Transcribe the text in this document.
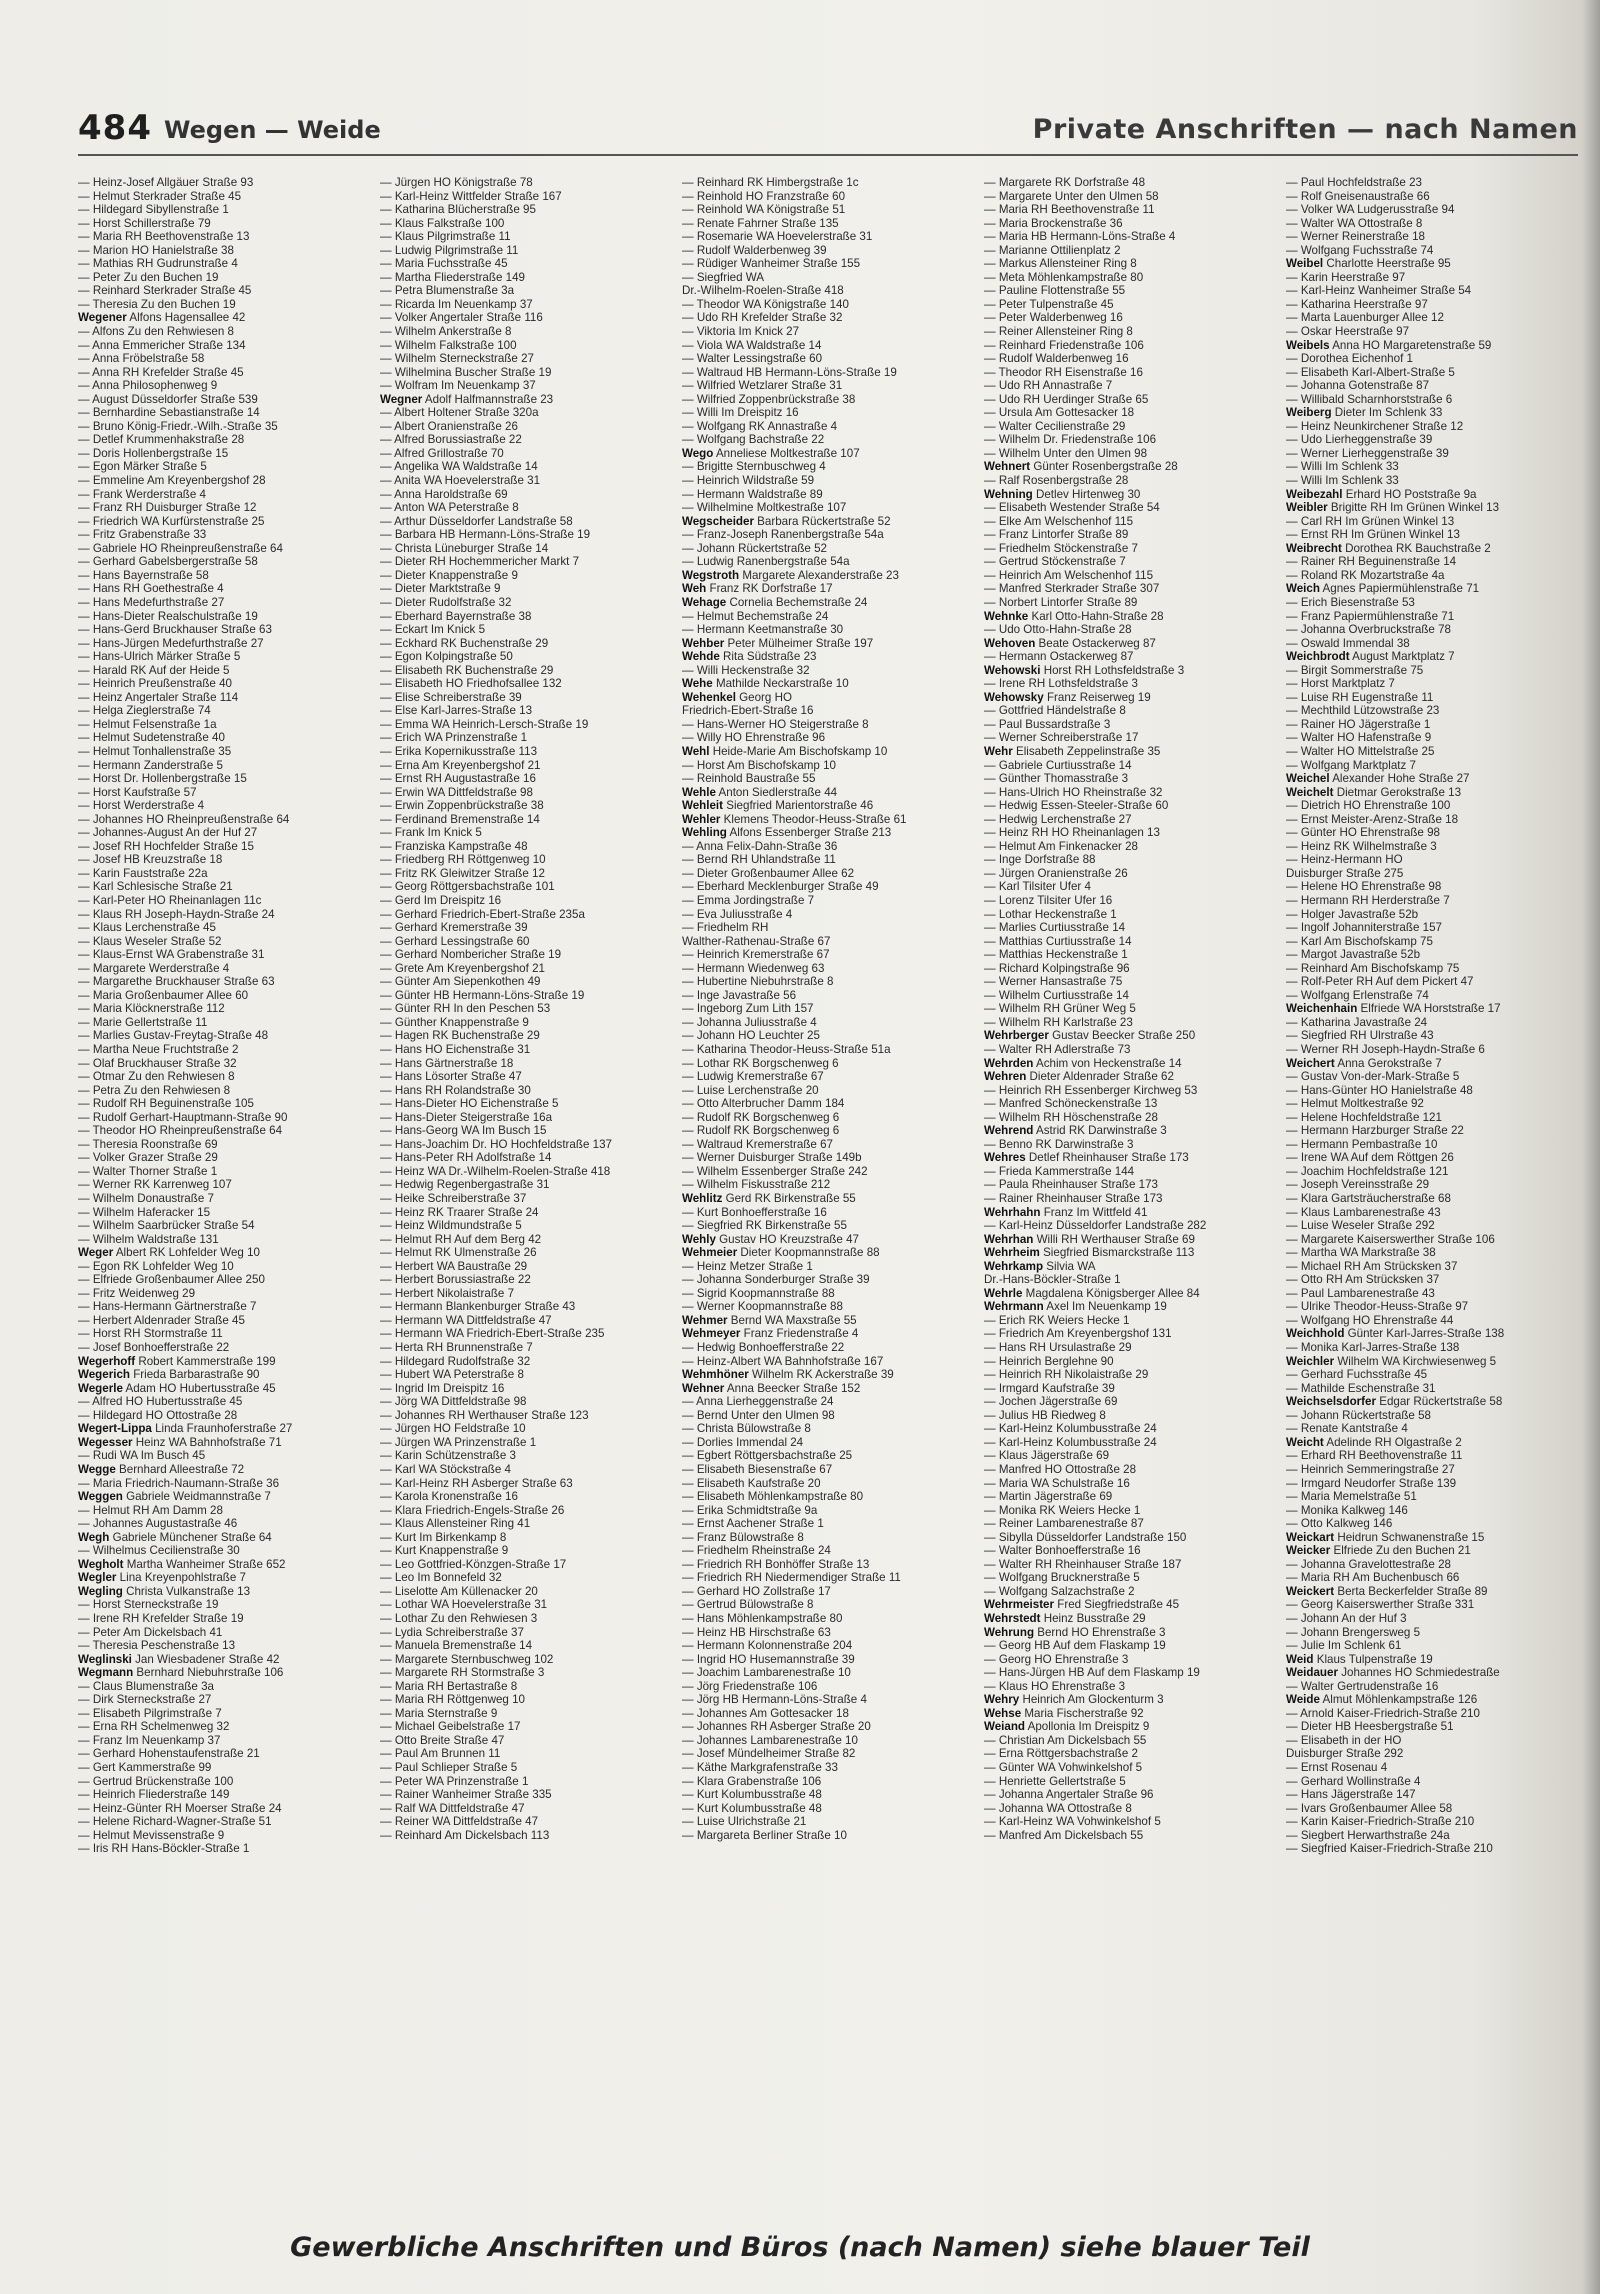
484 Wegen — Weide	Private Anschriften — nach Namen
— Heinz-Josef Allgäuer Straße 93
— Helmut Sterkrader Straße 45
— Hildegard Sibyllenstraße 1
— Horst Schillerstraße 79
— Maria RH Beethovenstraße 13
— Marion HO Hanielstraße 38
— Mathias RH Gudrunstraße 4
— Peter Zu den Buchen 19
— Reinhard Sterkrader Straße 45
— Theresia Zu den Buchen 19
Wegener Alfons Hagensallee 42
— Alfons Zu den Rehwiesen 8
— Anna Emmericher Straße 134
— Anna Fröbelstraße 58
— Anna RH Krefelder Straße 45
— Anna Philosophenweg 9
— August Düsseldorfer Straße 539
— Bernhardine Sebastianstraße 14
— Bruno König-Friedr.-Wilh.-Straße 35
— Detlef Krummenhakstraße 28
— Doris Hollenbergstraße 15
— Egon Märker Straße 5
— Emmeline Am Kreyenbergshof 28
— Frank Werderstraße 4
— Franz RH Duisburger Straße 12
— Friedrich WA Kurfürstenstraße 25
— Fritz Grabenstraße 33
— Gabriele HO Rheinpreußenstraße 64
— Gerhard Gabelsbergerstraße 58
— Hans Bayernstraße 58
— Hans RH Goethestraße 4
— Hans Medefurthstraße 27
— Hans-Dieter Realschulstraße 19
— Hans-Gerd Bruckhauser Straße 63
— Hans-Jürgen Medefurthstraße 27
— Hans-Ulrich Märker Straße 5
— Harald RK Auf der Heide 5
— Heinrich Preußenstraße 40
— Heinz Angertaler Straße 114
— Helga Zieglerstraße 74
— Helmut Felsenstraße 1a
— Helmut Sudetenstraße 40
— Helmut Tonhallenstraße 35
— Hermann Zanderstraße 5
— Horst Dr. Hollenbergstraße 15
— Horst Kaufstraße 57
— Horst Werderstraße 4
— Johannes HO Rheinpreußenstraße 64
— Johannes-August An der Huf 27
— Josef RH Hochfelder Straße 15
— Josef HB Kreuzstraße 18
— Karin Fauststraße 22a
— Karl Schlesische Straße 21
— Karl-Peter HO Rheinanlagen 11c
— Klaus RH Joseph-Haydn-Straße 24
— Klaus Lerchenstraße 45
— Klaus Weseler Straße 52
— Klaus-Ernst WA Grabenstraße 31
— Margarete Werderstraße 4
— Margarethe Bruckhauser Straße 63
— Maria Großenbaumer Allee 60
— Maria Klöcknerstraße 112
— Marie Gellertstraße 11
— Marlies Gustav-Freytag-Straße 48
— Martha Neue Fruchtstraße 2
— Olaf Bruckhauser Straße 32
— Otmar Zu den Rehwiesen 8
— Petra Zu den Rehwiesen 8
— Rudolf RH Beguinenstraße 105
— Rudolf Gerhart-Hauptmann-Straße 90
— Theodor HO Rheinpreußenstraße 64
— Theresia Roonstraße 69
— Volker Grazer Straße 29
— Walter Thorner Straße 1
— Werner RK Karrenweg 107
— Wilhelm Donaustraße 7
— Wilhelm Haferacker 15
— Wilhelm Saarbrücker Straße 54
— Wilhelm Waldstraße 131
Weger Albert RK Lohfelder Weg 10
— Egon RK Lohfelder Weg 10
— Elfriede Großenbaumer Allee 250
— Fritz Weidenweg 29
— Hans-Hermann Gärtnerstraße 7
— Herbert Aldenrader Straße 45
— Horst RH Stormstraße 11
— Josef Bonhoefferstraße 22
Wegerhoff Robert Kammerstraße 199
Wegerich Frieda Barbarastraße 90
Wegerle Adam HO Hubertusstraße 45
— Alfred HO Hubertusstraße 45
— Hildegard HO Ottostraße 28
Wegert-Lippa Linda Fraunhoferstraße 27
Wegesser Heinz WA Bahnhofstraße 71
— Rudi WA Im Busch 45
Wegge Bernhard Alleestraße 72
— Maria Friedrich-Naumann-Straße 36
Weggen Gabriele Weidmannstraße 7
— Helmut RH Am Damm 28
— Johannes Augustastraße 46
Wegh Gabriele Münchener Straße 64
— Wilhelmus Cecilienstraße 30
Wegholt Martha Wanheimer Straße 652
Wegler Lina Kreyenpohlstraße 7
Wegling Christa Vulkanstraße 13
— Horst Sterneckstraße 19
— Irene RH Krefelder Straße 19
— Peter Am Dickelsbach 41
— Theresia Peschenstraße 13
Weglinski Jan Wiesbadener Straße 42
Wegmann Bernhard Niebuhrstraße 106
— Claus Blumenstraße 3a
— Dirk Sterneckstraße 27
— Elisabeth Pilgrimstraße 7
— Erna RH Schelmenweg 32
— Franz Im Neuenkamp 37
— Gerhard Hohenstaufenstraße 21
— Gert Kammerstraße 99
— Gertrud Brückenstraße 100
— Heinrich Fliederstraße 149
— Heinz-Günter RH Moerser Straße 24
— Helene Richard-Wagner-Straße 51
— Helmut Mevissenstraße 9
— Iris RH Hans-Böckler-Straße 1
— Jürgen HO Königstraße 78
— Karl-Heinz Wittfelder Straße 167
— Katharina Blücherstraße 95
— Klaus Falkstraße 100
— Klaus Pilgrimstraße 11
— Ludwig Pilgrimstraße 11
— Maria Fuchsstraße 45
— Martha Fliederstraße 149
— Petra Blumenstraße 3a
— Ricarda Im Neuenkamp 37
— Volker Angertaler Straße 116
— Wilhelm Ankerstraße 8
— Wilhelm Falkstraße 100
— Wilhelm Sterneckstraße 27
— Wilhelmina Buscher Straße 19
— Wolfram Im Neuenkamp 37
Wegner Adolf Halfmannstraße 23
— Albert Holtener Straße 320a
— Albert Oranienstraße 26
— Alfred Borussiastraße 22
— Alfred Grillostraße 70
— Angelika WA Waldstraße 14
— Anita WA Hoevelerstraße 31
— Anna Haroldstraße 69
— Anton WA Peterstraße 8
— Arthur Düsseldorfer Landstraße 58
— Barbara HB Hermann-Löns-Straße 19
— Christa Lüneburger Straße 14
— Dieter RH Hochemmericher Markt 7
— Dieter Knappenstraße 9
— Dieter Marktstraße 9
— Dieter Rudolfstraße 32
— Eberhard Bayernstraße 38
— Eckart Im Knick 5
— Eckhard RK Buchenstraße 29
— Egon Kolpingstraße 50
— Elisabeth RK Buchenstraße 29
— Elisabeth HO Friedhofsallee 132
— Elise Schreiberstraße 39
— Else Karl-Jarres-Straße 13
— Emma WA Heinrich-Lersch-Straße 19
— Erich WA Prinzenstraße 1
— Erika Kopernikusstraße 113
— Erna Am Kreyenbergshof 21
— Ernst RH Augustastraße 16
— Erwin WA Dittfeldstraße 98
— Erwin Zoppenbrückstraße 38
— Ferdinand Bremenstraße 14
— Frank Im Knick 5
— Franziska Kampstraße 48
— Friedberg RH Röttgenweg 10
— Fritz RK Gleiwitzer Straße 12
— Georg Röttgersbachstraße 101
— Gerd Im Dreispitz 16
— Gerhard Friedrich-Ebert-Straße 235a
— Gerhard Kremerstraße 39
— Gerhard Lessingstraße 60
— Gerhard Nombericher Straße 19
— Grete Am Kreyenbergshof 21
— Günter Am Siepenkothen 49
— Günter HB Hermann-Löns-Straße 19
— Günter RH In den Peschen 53
— Günther Knappenstraße 9
— Hagen RK Buchenstraße 29
— Hans HO Eichenstraße 31
— Hans Gärtnerstraße 18
— Hans Lösorter Straße 47
— Hans RH Rolandstraße 30
— Hans-Dieter HO Eichenstraße 5
— Hans-Dieter Steigerstraße 16a
— Hans-Georg WA Im Busch 15
— Hans-Joachim Dr. HO Hochfeldstraße 137
— Hans-Peter RH Adolfstraße 14
— Heinz WA Dr.-Wilhelm-Roelen-Straße 418
— Hedwig Regenbergastraße 31
— Heike Schreiberstraße 37
— Heinz RK Traarer Straße 24
— Heinz Wildmundstraße 5
— Helmut RH Auf dem Berg 42
— Helmut RK Ulmenstraße 26
— Herbert WA Baustraße 29
— Herbert Borussiastraße 22
— Herbert Nikolaistraße 7
— Hermann Blankenburger Straße 43
— Hermann WA Dittfeldstraße 47
— Hermann WA Friedrich-Ebert-Straße 235
— Herta RH Brunnenstraße 7
— Hildegard Rudolfstraße 32
— Hubert WA Peterstraße 8
— Ingrid Im Dreispitz 16
— Jörg WA Dittfeldstraße 98
— Johannes RH Werthauser Straße 123
— Jürgen HO Feldstraße 10
— Jürgen WA Prinzenstraße 1
— Karin Schützenstraße 3
— Karl WA Stöckstraße 4
— Karl-Heinz RH Asberger Straße 63
— Karola Kronenstraße 16
— Klara Friedrich-Engels-Straße 26
— Klaus Allensteiner Ring 41
— Kurt Im Birkenkamp 8
— Kurt Knappenstraße 9
— Leo Gottfried-Könzgen-Straße 17
— Leo Im Bonnefeld 32
— Liselotte Am Küllenacker 20
— Lothar WA Hoevelerstraße 31
— Lothar Zu den Rehwiesen 3
— Lydia Schreiberstraße 37
— Manuela Bremenstraße 14
— Margarete Sternbuschweg 102
— Margarete RH Stormstraße 3
— Maria RH Bertastraße 8
— Maria RH Röttgenweg 10
— Maria Sternstraße 9
— Michael Geibelstraße 17
— Otto Breite Straße 47
— Paul Am Brunnen 11
— Paul Schlieper Straße 5
— Peter WA Prinzenstraße 1
— Rainer Wanheimer Straße 335
— Ralf WA Dittfeldstraße 47
— Reiner WA Dittfeldstraße 47
— Reinhard Am Dickelsbach 113
— Reinhard RK Himbergstraße 1c
— Reinhold HO Franzstraße 60
— Reinhold WA Königstraße 51
— Renate Fahrner Straße 135
— Rosemarie WA Hoevelerstraße 31
— Rudolf Walderbenweg 39
— Rüdiger Wanheimer Straße 155
— Siegfried WA
Dr.-Wilhelm-Roelen-Straße 418
— Theodor WA Königstraße 140
— Udo RH Krefelder Straße 32
— Viktoria Im Knick 27
— Viola WA Waldstraße 14
— Walter Lessingstraße 60
— Waltraud HB Hermann-Löns-Straße 19
— Wilfried Wetzlarer Straße 31
— Wilfried Zoppenbrückstraße 38
— Willi Im Dreispitz 16
— Wolfgang RK Annastraße 4
— Wolfgang Bachstraße 22
Wego Anneliese Moltkestraße 107
— Brigitte Sternbuschweg 4
— Heinrich Wildstraße 59
— Hermann Waldstraße 89
— Wilhelmine Moltkestraße 107
Wegscheider Barbara Rückertstraße 52
— Franz-Joseph Ranenbergstraße 54a
— Johann Rückertstraße 52
— Ludwig Ranenbergstraße 54a
Wegstroth Margarete Alexanderstraße 23
Weh Franz RK Dorfstraße 17
Wehage Cornelia Bechemstraße 24
— Helmut Bechemstraße 24
— Hermann Keetmanstraße 30
Wehber Peter Mülheimer Straße 197
Wehde Rita Südstraße 23
— Willi Heckenstraße 32
Wehe Mathilde Neckarstraße 10
Wehenkel Georg HO
Friedrich-Ebert-Straße 16
— Hans-Werner HO Steigerstraße 8
— Willy HO Ehrenstraße 96
Wehl Heide-Marie Am Bischofskamp 10
— Horst Am Bischofskamp 10
— Reinhold Baustraße 55
Wehle Anton Siedlerstraße 44
Wehleit Siegfried Marientorstraße 46
Wehler Klemens Theodor-Heuss-Straße 61
Wehling Alfons Essenberger Straße 213
— Anna Felix-Dahn-Straße 36
— Bernd RH Uhlandstraße 11
— Dieter Großenbaumer Allee 62
— Eberhard Mecklenburger Straße 49
— Emma Jordingstraße 7
— Eva Juliusstraße 4
— Friedhelm RH
Walther-Rathenau-Straße 67
— Heinrich Kremerstraße 67
— Hermann Wiedenweg 63
— Hubertine Niebuhrstraße 8
— Inge Javastraße 56
— Ingeborg Zum Lith 157
— Johanna Juliusstraße 4
— Johann HO Leuchter 25
— Katharina Theodor-Heuss-Straße 51a
— Lothar RK Borgschenweg 6
— Ludwig Kremerstraße 67
— Luise Lerchenstraße 20
— Otto Alterbrucher Damm 184
— Rudolf RK Borgschenweg 6
— Rudolf RK Borgschenweg 6
— Waltraud Kremerstraße 67
— Werner Duisburger Straße 149b
— Wilhelm Essenberger Straße 242
— Wilhelm Fiskusstraße 212
Wehlitz Gerd RK Birkenstraße 55
— Kurt Bonhoefferstraße 16
— Siegfried RK Birkenstraße 55
Wehly Gustav HO Kreuzstraße 47
Wehmeier Dieter Koopmannstraße 88
— Heinz Metzer Straße 1
— Johanna Sonderburger Straße 39
— Sigrid Koopmannstraße 88
— Werner Koopmannstraße 88
Wehmer Bernd WA Maxstraße 55
Wehmeyer Franz Friedenstraße 4
— Hedwig Bonhoefferstraße 22
— Heinz-Albert WA Bahnhofstraße 167
Wehmhöner Wilhelm RK Ackerstraße 39
Wehner Anna Beecker Straße 152
— Anna Lierheggenstraße 24
— Bernd Unter den Ulmen 98
— Christa Bülowstraße 8
— Dorlies Immendal 24
— Egbert Röttgersbachstraße 25
— Elisabeth Biesenstraße 67
— Elisabeth Kaufstraße 20
— Elisabeth Möhlenkampstraße 80
— Erika Schmidtstraße 9a
— Ernst Aachener Straße 1
— Franz Bülowstraße 8
— Friedhelm Rheinstraße 24
— Friedrich RH Bonhöffer Straße 13
— Friedrich RH Niedermendiger Straße 11
— Gerhard HO Zollstraße 17
— Gertrud Bülowstraße 8
— Hans Möhlenkampstraße 80
— Heinz HB Hirschstraße 63
— Hermann Kolonnenstraße 204
— Ingrid HO Husemannstraße 39
— Joachim Lambarenestraße 10
— Jörg Friedenstraße 106
— Jörg HB Hermann-Löns-Straße 4
— Johannes Am Gottesacker 18
— Johannes RH Asberger Straße 20
— Johannes Lambarenestraße 10
— Josef Mündelheimer Straße 82
— Käthe Markgrafenstraße 33
— Klara Grabenstraße 106
— Kurt Kolumbusstraße 48
— Kurt Kolumbusstraße 48
— Luise Ulrichstraße 21
— Margareta Berliner Straße 10
— Margarete RK Dorfstraße 48
— Margarete Unter den Ulmen 58
— Maria RH Beethovenstraße 11
— Maria Brockenstraße 36
— Maria HB Hermann-Löns-Straße 4
— Marianne Ottilienplatz 2
— Markus Allensteiner Ring 8
— Meta Möhlenkampstraße 80
— Pauline Flottenstraße 55
— Peter Tulpenstraße 45
— Peter Walderbenweg 16
— Reiner Allensteiner Ring 8
— Reinhard Friedenstraße 106
— Rudolf Walderbenweg 16
— Theodor RH Eisenstraße 16
— Udo RH Annastraße 7
— Udo RH Uerdinger Straße 65
— Ursula Am Gottesacker 18
— Walter Cecilienstraße 29
— Wilhelm Dr. Friedenstraße 106
— Wilhelm Unter den Ulmen 98
Wehnert Günter Rosenbergstraße 28
— Ralf Rosenbergstraße 28
Wehning Detlev Hirtenweg 30
— Elisabeth Westender Straße 54
— Elke Am Welschenhof 115
— Franz Lintorfer Straße 89
— Friedhelm Stöckenstraße 7
— Gertrud Stöckenstraße 7
— Heinrich Am Welschenhof 115
— Manfred Sterkrader Straße 307
— Norbert Lintorfer Straße 89
Wehnke Karl Otto-Hahn-Straße 28
— Udo Otto-Hahn-Straße 28
Wehoven Beate Ostackerweg 87
— Hermann Ostackerweg 87
Wehowski Horst RH Lothsfeldstraße 3
— Irene RH Lothsfeldstraße 3
Wehowsky Franz Reiserweg 19
— Gottfried Händelstraße 8
— Paul Bussardstraße 3
— Werner Schreiberstraße 17
Wehr Elisabeth Zeppelinstraße 35
— Gabriele Curtiusstraße 14
— Günther Thomasstraße 3
— Hans-Ulrich HO Rheinstraße 32
— Hedwig Essen-Steeler-Straße 60
— Hedwig Lerchenstraße 27
— Heinz RH HO Rheinanlagen 13
— Helmut Am Finkenacker 28
— Inge Dorfstraße 88
— Jürgen Oranienstraße 26
— Karl Tilsiter Ufer 4
— Lorenz Tilsiter Ufer 16
— Lothar Heckenstraße 1
— Marlies Curtiusstraße 14
— Matthias Curtiusstraße 14
— Matthias Heckenstraße 1
— Richard Kolpingstraße 96
— Werner Hansastraße 75
— Wilhelm Curtiusstraße 14
— Wilhelm RH Grüner Weg 5
— Wilhelm RH Karlstraße 23
Wehrberger Gustav Beecker Straße 250
— Walter RH Adlerstraße 73
Wehrden Achim von Heckenstraße 14
Wehren Dieter Aldenrader Straße 62
— Heinrich RH Essenberger Kirchweg 53
— Manfred Schöneckenstraße 13
— Wilhelm RH Höschenstraße 28
Wehrend Astrid RK Darwinstraße 3
— Benno RK Darwinstraße 3
Wehres Detlef Rheinhauser Straße 173
— Frieda Kammerstraße 144
— Paula Rheinhauser Straße 173
— Rainer Rheinhauser Straße 173
Wehrhahn Franz Im Wittfeld 41
— Karl-Heinz Düsseldorfer Landstraße 282
Wehrhan Willi RH Werthauser Straße 69
Wehrheim Siegfried Bismarckstraße 113
Wehrkamp Silvia WA
Dr.-Hans-Böckler-Straße 1
Wehrle Magdalena Königsberger Allee 84
Wehrmann Axel Im Neuenkamp 19
— Erich RK Weiers Hecke 1
— Friedrich Am Kreyenbergshof 131
— Hans RH Ursulastraße 29
— Heinrich Berglehne 90
— Heinrich RH Nikolaistraße 29
— Irmgard Kaufstraße 39
— Jochen Jägerstraße 69
— Julius HB Riedweg 8
— Karl-Heinz Kolumbusstraße 24
— Karl-Heinz Kolumbusstraße 24
— Klaus Jägerstraße 69
— Manfred HO Ottostraße 28
— Maria WA Schulstraße 16
— Martin Jägerstraße 69
— Monika RK Weiers Hecke 1
— Reiner Lambarenestraße 87
— Sibylla Düsseldorfer Landstraße 150
— Walter Bonhoefferstraße 16
— Walter RH Rheinhauser Straße 187
— Wolfgang Brucknerstraße 5
— Wolfgang Salzachstraße 2
Wehrmeister Fred Siegfriedstraße 45
Wehrstedt Heinz Busstraße 29
Wehrung Bernd HO Ehrenstraße 3
— Georg HB Auf dem Flaskamp 19
— Georg HO Ehrenstraße 3
— Hans-Jürgen HB Auf dem Flaskamp 19
— Klaus HO Ehrenstraße 3
Wehry Heinrich Am Glockenturm 3
Wehse Maria Fischerstraße 92
Weiand Apollonia Im Dreispitz 9
— Christian Am Dickelsbach 55
— Erna Röttgersbachstraße 2
— Günter WA Vohwinkelshof 5
— Henriette Gellertstraße 5
— Johanna Angertaler Straße 96
— Johanna WA Ottostraße 8
— Karl-Heinz WA Vohwinkelshof 5
— Manfred Am Dickelsbach 55
— Paul Hochfeldstraße 23
— Rolf Gneisenaustraße 66
— Volker WA Ludgerusstraße 94
— Walter WA Ottostraße 8
— Werner Reinerstraße 18
— Wolfgang Fuchsstraße 74
Weibel Charlotte Heerstraße 95
— Karin Heerstraße 97
— Karl-Heinz Wanheimer Straße 54
— Katharina Heerstraße 97
— Marta Lauenburger Allee 12
— Oskar Heerstraße 97
Weibels Anna HO Margaretenstraße 59
— Dorothea Eichenhof 1
— Elisabeth Karl-Albert-Straße 5
— Johanna Gotenstraße 87
— Willibald Scharnhorststraße 6
Weiberg Dieter Im Schlenk 33
— Heinz Neunkirchener Straße 12
— Udo Lierheggenstraße 39
— Werner Lierheggenstraße 39
— Willi Im Schlenk 33
— Willi Im Schlenk 33
Weibezahl Erhard HO Poststraße 9a
Weibler Brigitte RH Im Grünen Winkel 13
— Carl RH Im Grünen Winkel 13
— Ernst RH Im Grünen Winkel 13
Weibrecht Dorothea RK Bauchstraße 2
— Rainer RH Beguinenstraße 14
— Roland RK Mozartstraße 4a
Weich Agnes Papiermühlenstraße 71
— Erich Biesenstraße 53
— Franz Papiermühlenstraße 71
— Johanna Overbruckstraße 78
— Oswald Immendal 38
Weichbrodt August Marktplatz 7
— Birgit Sommerstraße 75
— Horst Marktplatz 7
— Luise RH Eugenstraße 11
— Mechthild Lützowstraße 23
— Rainer HO Jägerstraße 1
— Walter HO Hafenstraße 9
— Walter HO Mittelstraße 25
— Wolfgang Marktplatz 7
Weichel Alexander Hohe Straße 27
Weichelt Dietmar Gerokstraße 13
— Dietrich HO Ehrenstraße 100
— Ernst Meister-Arenz-Straße 18
— Günter HO Ehrenstraße 98
— Heinz RK Wilhelmstraße 3
— Heinz-Hermann HO
Duisburger Straße 275
— Helene HO Ehrenstraße 98
— Hermann RH Herderstraße 7
— Holger Javastraße 52b
— Ingolf Johanniterstraße 157
— Karl Am Bischofskamp 75
— Margot Javastraße 52b
— Reinhard Am Bischofskamp 75
— Rolf-Peter RH Auf dem Pickert 47
— Wolfgang Erlenstraße 74
Weichenhain Elfriede WA Horststraße 17
— Katharina Javastraße 24
— Siegfried RH Ulrstraße 43
— Werner RH Joseph-Haydn-Straße 6
Weichert Anna Gerokstraße 7
— Gustav Von-der-Mark-Straße 5
— Hans-Günter HO Hanielstraße 48
— Helmut Moltkestraße 92
— Helene Hochfeldstraße 121
— Hermann Harzburger Straße 22
— Hermann Pembastraße 10
— Irene WA Auf dem Röttgen 26
— Joachim Hochfeldstraße 121
— Joseph Vereinsstraße 29
— Klara Gartsträucherstraße 68
— Klaus Lambarenestraße 43
— Luise Weseler Straße 292
— Margarete Kaiserswerther Straße 106
— Martha WA Markstraße 38
— Michael RH Am Strücksken 37
— Otto RH Am Strücksken 37
— Paul Lambarenestraße 43
— Ulrike Theodor-Heuss-Straße 97
— Wolfgang HO Ehrenstraße 44
Weichhold Günter Karl-Jarres-Straße 138
— Monika Karl-Jarres-Straße 138
Weichler Wilhelm WA Kirchwiesenweg 5
— Gerhard Fuchsstraße 45
— Mathilde Eschenstraße 31
Weichselsdorfer Edgar Rückertstraße 58
— Johann Rückertstraße 58
— Renate Kantstraße 4
Weicht Adelinde RH Olgastraße 2
— Erhard RH Beethovenstraße 11
— Heinrich Semmeringstraße 27
— Irmgard Neudorfer Straße 139
— Maria Memelstraße 51
— Monika Kalkweg 146
— Otto Kalkweg 146
Weickart Heidrun Schwanenstraße 15
Weicker Elfriede Zu den Buchen 21
— Johanna Gravelottestraße 28
— Maria RH Am Buchenbusch 66
Weickert Berta Beckerfelder Straße 89
— Georg Kaiserswerther Straße 331
— Johann An der Huf 3
— Johann Brengersweg 5
— Julie Im Schlenk 61
Weid Klaus Tulpenstraße 19
Weidauer Johannes HO Schmiedestraße
— Walter Gertrudenstraße 16
Weide Almut Möhlenkampstraße 126
— Arnold Kaiser-Friedrich-Straße 210
— Dieter HB Heesbergstraße 51
— Elisabeth in der HO
Duisburger Straße 292
— Ernst Rosenau 4
— Gerhard Wollinstraße 4
— Hans Jägerstraße 147
— Ivars Großenbaumer Allee 58
— Karin Kaiser-Friedrich-Straße 210
— Siegbert Herwarthstraße 24a
— Siegfried Kaiser-Friedrich-Straße 210
Gewerbliche Anschriften und Büros (nach Namen) siehe blauer Teil
